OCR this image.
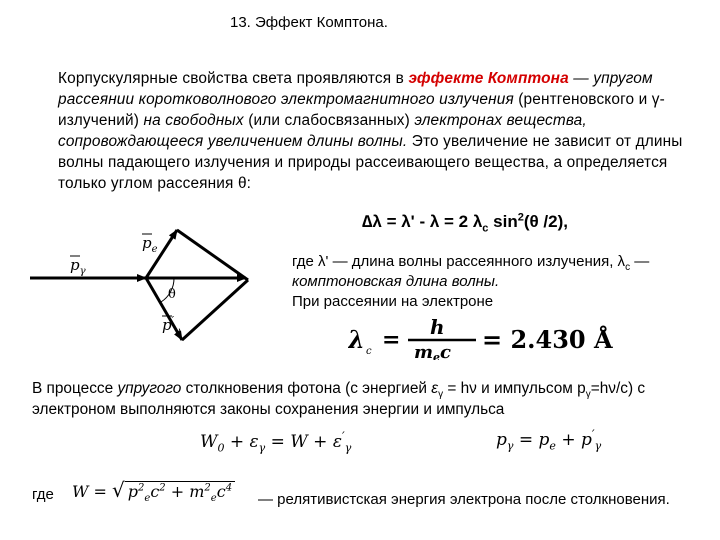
13. Эффект Комптона.
Корпускулярные свойства света проявляются в эффекте Комптона — упругом рассеянии коротковолнового электромагнитного излучения (рентгеновского и γ-излучений) на свободных (или слабосвязанных) электронах вещества, сопровождающееся увеличением длины волны. Это увеличение не зависит от длины волны падающего излучения и природы рассеивающего вещества, а определяется только углом рассеяния θ:
∆λ = λ' - λ = 2 $\lambda_c$ $\sin^2(\theta$ /2),
$p_\gamma$
$p_e$
θ
$p'_\gamma$
где λ' — длина волны рассеянного излучения, $\lambda_c$ — комптоновская длина волны.
При рассеянии на электроне
λ c = h
mec = 2.430 Å
В процессе упругого столкновения фотона (с энергией $\varepsilon_\gamma = h\nu$ и импульсом $p_\gamma=h\nu/c$) с электроном выполняются законы сохранения энергии и импульса
$W_0 + \varepsilon_\gamma = W + \varepsilon'_\gamma$	$p_\gamma = p_e + p'_\gamma$
где W = √ $p^2_ec^2 + m^2_ec^4$
— релятивистская энергия электрона после столкновения.
